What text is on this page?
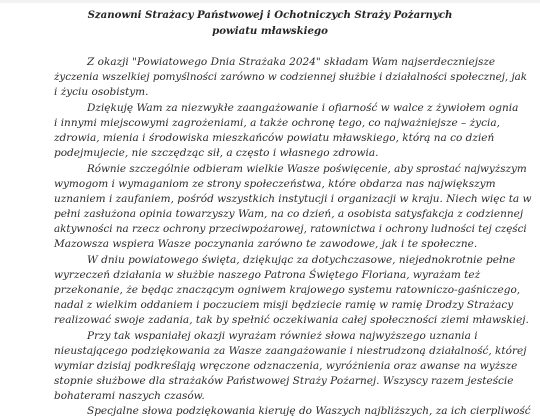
Szanowni Strażacy Państwowej i Ochotniczych Straży Pożarnych
powiatu mławskiego
Z okazji "Powiatowego Dnia Strażaka 2024" składam Wam najserdeczniejsze
życzenia wszelkiej pomyślności zarówno w codziennej służbie i działalności społecznej, jak
i życiu osobistym.
Dziękuję Wam za niezwykłe zaangażowanie i ofiarność w walce z żywiołem ognia
i innymi miejscowymi zagrożeniami, a także ochronę tego, co najważniejsze – życia,
zdrowia, mienia i środowiska mieszkańców powiatu mławskiego, którą na co dzień
podejmujecie, nie szczędząc sił, a często i własnego zdrowia.
Równie szczególnie odbieram wielkie Wasze poświęcenie, aby sprostać najwyższym
wymogom i wymaganiom ze strony społeczeństwa, które obdarza nas największym
uznaniem i zaufaniem, pośród wszystkich instytucji i organizacji w kraju. Niech więc ta w
pełni zasłużona opinia towarzyszy Wam, na co dzień, a osobista satysfakcja z codziennej
aktywności na rzecz ochrony przeciwpożarowej, ratownictwa i ochrony ludności tej części
Mazowsza wspiera Wasze poczynania zarówno te zawodowe, jak i te społeczne.
W dniu powiatowego święta, dziękując za dotychczasowe, niejednokrotnie pełne
wyrzeczeń działania w służbie naszego Patrona Świętego Floriana, wyrażam też
przekonanie, że będąc znaczącym ogniwem krajowego systemu ratowniczo-gaśniczego,
nadal z wielkim oddaniem i poczuciem misji będziecie ramię w ramię Drodzy Strażacy
realizować swoje zadania, tak by spełnić oczekiwania całej społeczności ziemi mławskiej.
Przy tak wspaniałej okazji wyrażam również słowa najwyższego uznania i
nieustającego podziękowania za Wasze zaangażowanie i niestrudzoną działalność, której
wymiar dzisiaj podkreślają wręczone odznaczenia, wyróżnienia oraz awanse na wyższe
stopnie służbowe dla strażaków Państwowej Straży Pożarnej. Wszyscy razem jesteście
bohaterami naszych czasów.
Specjalne słowa podziękowania kieruję do Waszych najbliższych, za ich cierpliwość
